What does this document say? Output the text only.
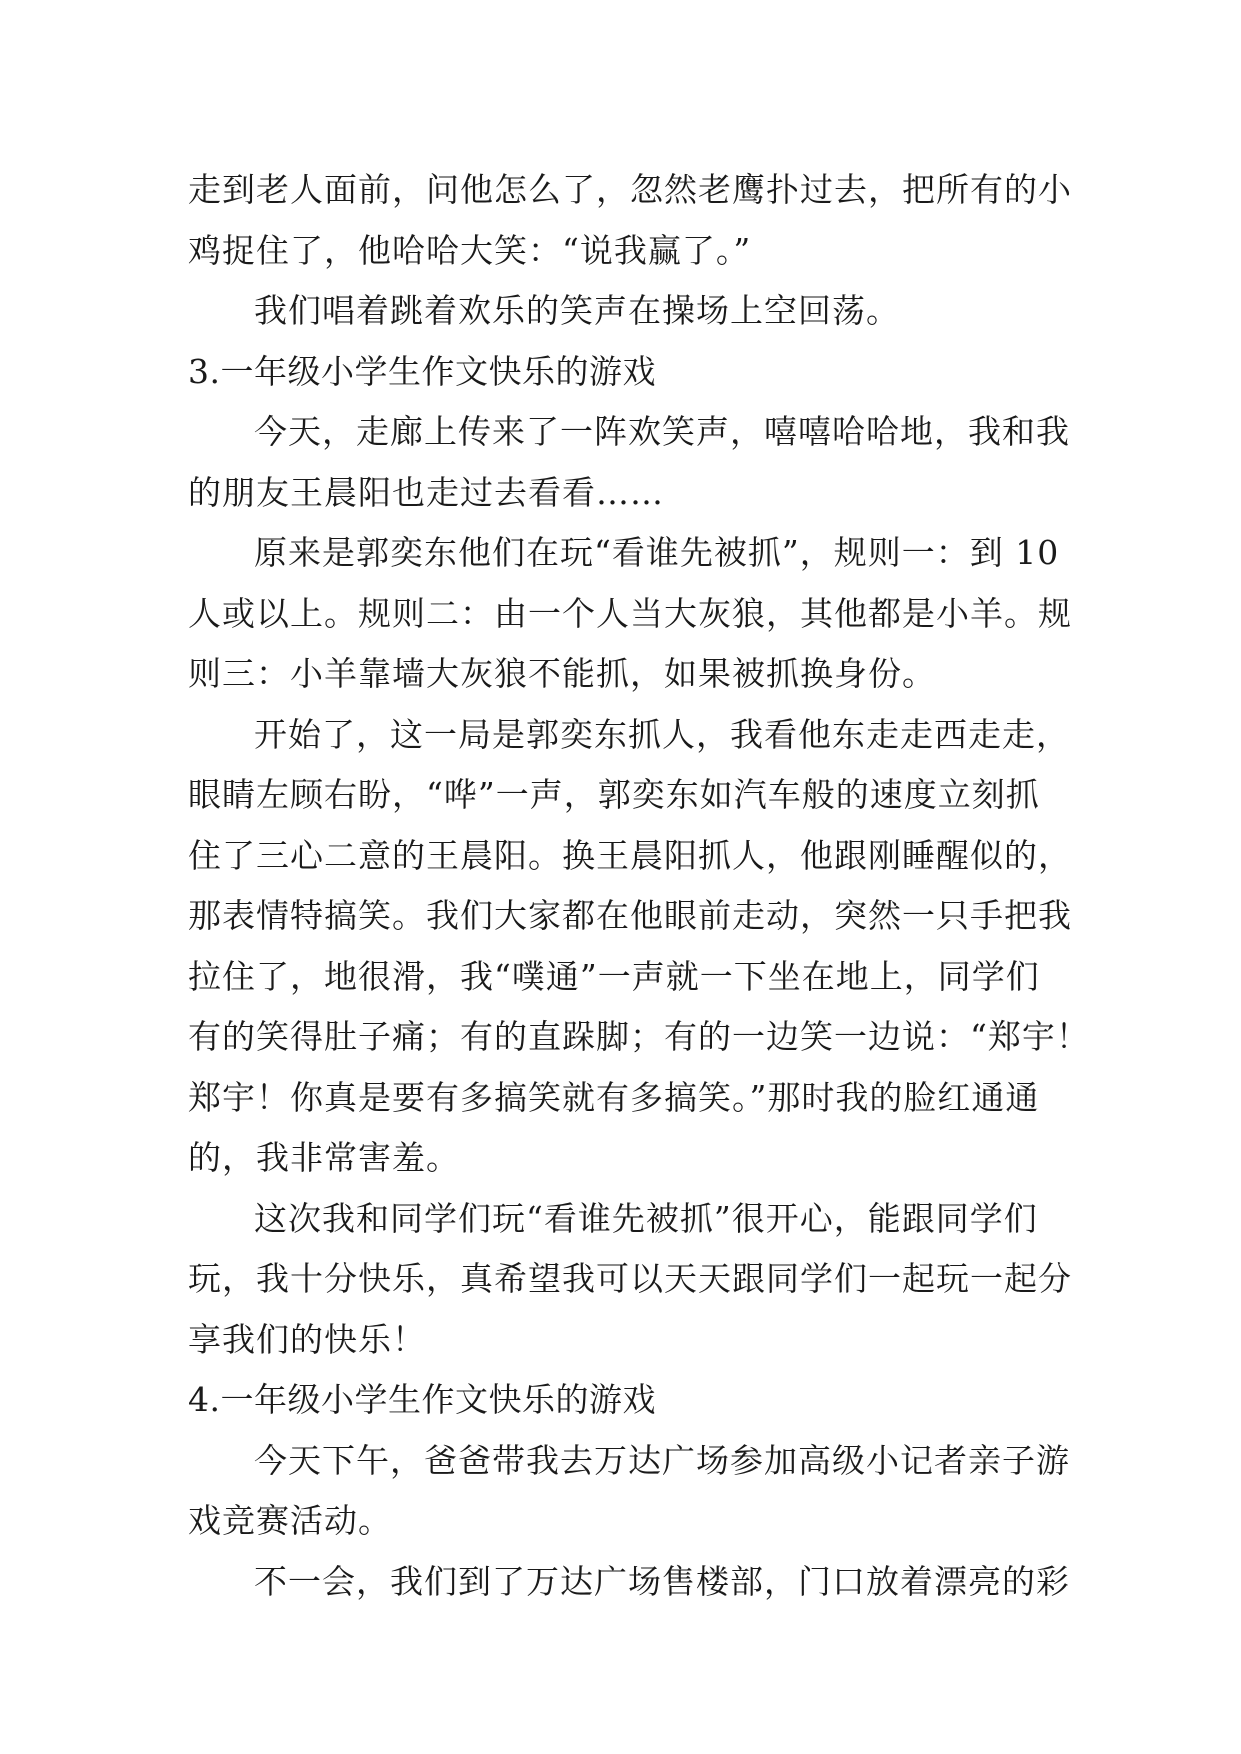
走到老人面前，问他怎么了，忽然老鹰扑过去，把所有的小
鸡捉住了，他哈哈大笑：“说我赢了。”
我们唱着跳着欢乐的笑声在操场上空回荡。
3.一年级小学生作文快乐的游戏
今天，走廊上传来了一阵欢笑声，嘻嘻哈哈地，我和我
的朋友王晨阳也走过去看看……
原来是郭奕东他们在玩“看谁先被抓”，规则一：到 10
人或以上。规则二：由一个人当大灰狼，其他都是小羊。规
则三：小羊靠墙大灰狼不能抓，如果被抓换身份。
开始了，这一局是郭奕东抓人，我看他东走走西走走，
眼睛左顾右盼，“哗”一声，郭奕东如汽车般的速度立刻抓
住了三心二意的王晨阳。换王晨阳抓人，他跟刚睡醒似的，
那表情特搞笑。我们大家都在他眼前走动，突然一只手把我
拉住了，地很滑，我“噗通”一声就一下坐在地上，同学们
有的笑得肚子痛；有的直跺脚；有的一边笑一边说：“郑宇！
郑宇！你真是要有多搞笑就有多搞笑。”那时我的脸红通通
的，我非常害羞。
这次我和同学们玩“看谁先被抓”很开心，能跟同学们
玩，我十分快乐，真希望我可以天天跟同学们一起玩一起分
享我们的快乐！
4.一年级小学生作文快乐的游戏
今天下午，爸爸带我去万达广场参加高级小记者亲子游
戏竞赛活动。
不一会，我们到了万达广场售楼部，门口放着漂亮的彩
